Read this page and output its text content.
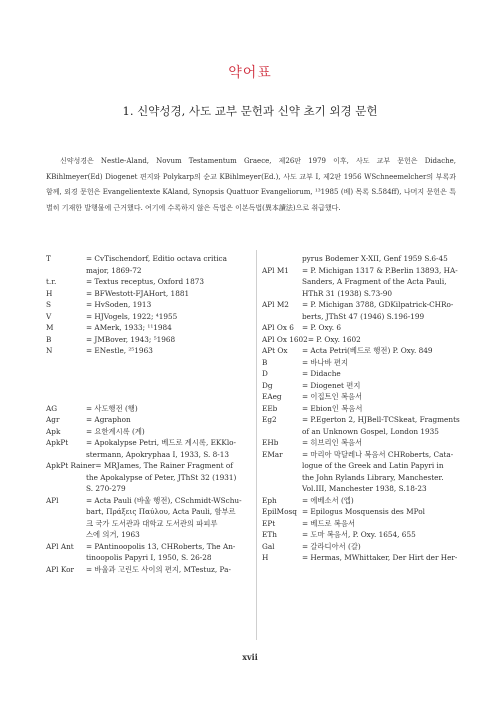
약어표
1. 신약성경, 사도 교부 문헌과 신약 초기 외경 문헌

신약성경은 Nestle-Aland, Novum Testamentum Graece, 제26판 1979 이후, 사도 교부 문헌은 Didache, KBihlmeyer(Ed) Diogenet 편지와 Polykarp의 순교 KBihlmeyer(Ed.), 사도 교부 I, 제2판 1956 WSchneemelcher의 부록과 함께, 외경 문헌은 Evangelientexte KAland, Synopsis Quattuor Evangeliorum, ¹³1985 (베) 목록 S.584ff), 나머지 문헌은 특별히 기재한 발행물에 근거했다. 여기에 수록하지 않은 독법은 이본독법(異本讀法)으로 취급했다.

T	= CvTischendorf, Editio octava critica
major, 1869-72
t.r.	= Textus receptus, Oxford 1873
H	= BFWestott-FJAHort, 1881
S	= HvSoden, 1913
V	= HJVogels, 1922; ⁴1955
M	= AMerk, 1933; ¹¹1984
B	= JMBover, 1943; ⁵1968
N	= ENestle, ²⁵1963
AG	= 사도행전 (행)
Agr	= Agraphon
Apk	= 요한계시록 (계)
ApkPt	= Apokalypse Petri, 베드로 계시록, EKKlo-
stermann, Apokryphaa I, 1933, S. 8-13
ApkPt Rainer = MRJames, The Rainer Fragment of
the Apokalypse of Peter, JThSt 32 (1931)
S. 270-279
APl	= Acta Pauli (바울 행전), CSchmidt-WSchu-
bart, Πράξεις Παύλου, Acta Pauli, 함부르
크 국가 도서관과 대학교 도서관의 파피루
스에 의거, 1963
APl Ant	= PAntinoopolis 13, CHRoberts, The An-
tinoopolis Papyri I, 1950, S. 26-28
APl Kor	= 바울과 고린도 사이의 편지, MTestuz, Pa-
pyrus Bodemer X-XII, Genf 1959 S.6-45
APl M1	= P. Michigan 1317 & P.Berlin 13893, HA-
Sanders, A Fragment of the Acta Pauli,
HThR 31 (1938) S.73-90
APl M2	= P. Michigan 3788, GDKilpatrick-CHRo-
berts, JThSt 47 (1946) S.196-199
APl Ox 6	= P. Oxy. 6
APl Ox 1602 = P. Oxy. 1602
APt Ox	= Acta Petri(베드로 행전) P. Oxy. 849
B	= 바나바 편지
D	= Didache
Dg	= Diogenet 편지
EAeg	= 이집트인 복음서
EEb	= Ebion인 복음서
Eg2	= P.Egerton 2, HJBell-TCSkeat, Fragments
of an Unknown Gospel, London 1935
EHb	= 히브리인 복음서
EMar	= 마리아 막달레나 복음서 CHRoberts, Cata-
logue of the Greek and Latin Papyri in
the John Rylands Library, Manchester.
Vol.III, Manchester 1938, S.18-23
Eph	= 에베소서 (엡)
EpilMosq = Epilogus Mosquensis des MPol
EPt	= 베드로 복음서
ETh	= 도마 복음서, P. Oxy. 1654, 655
Gal	= 갈라디아서 (갈)
H	= Hermas, MWhittaker, Der Hirt der Her-
xvii
